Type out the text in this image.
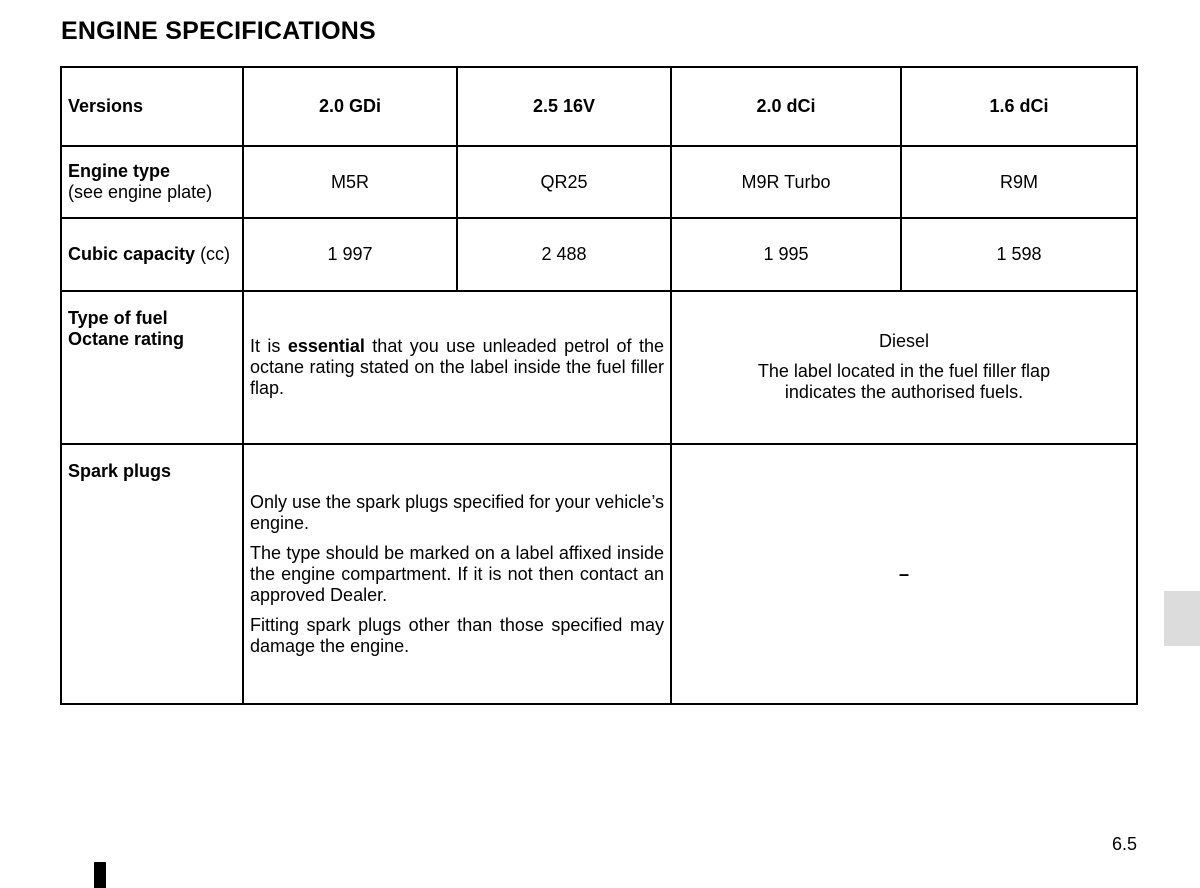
ENGINE SPECIFICATIONS
Versions	2.0 GDi	2.5 16V	2.0 dCi	1.6 dCi

Engine type
(see engine plate)	M5R	QR25	M9R Turbo	R9M
Cubic capacity (cc)	1 997	2 488	1 995	1 598

Type of fuel
Octane rating	It is essential that you use unleaded petrol of the octane rating stated on the label inside the fuel filler flap.		Diesel
The label located in the fuel filler flap
indicates the authorised fuels.	

Spark plugs	Only use the spark plugs specified for your vehicle’s engine.

The type should be marked on a label affixed inside the engine compartment. If it is not then contact an approved Dealer.

Fitting spark plugs other than those specified may damage the engine.		–	
6.5
